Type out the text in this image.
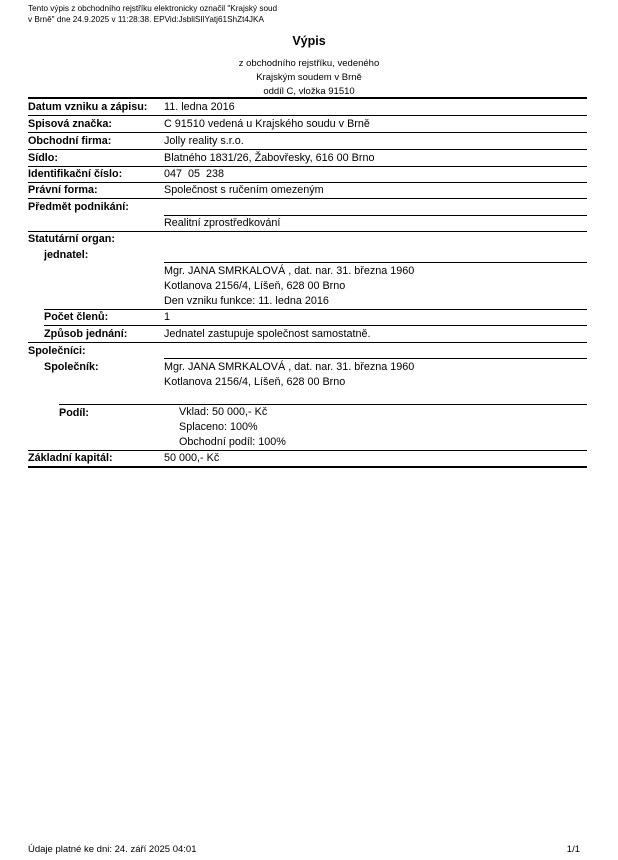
Tento výpis z obchodního rejstříku elektronicky označil "Krajský soud
v Brně" dne 24.9.2025 v 11:28:38. EPVid:JsbliSIlYatj61ShZt4JKA
Výpis
z obchodního rejstříku, vedeného
Krajským soudem v Brně
oddíl C, vložka 91510
Datum vzniku a zápisu: 11. ledna 2016
Spisová značka:	C 91510 vedená u Krajského soudu v Brně
Obchodní firma:	Jolly reality s.r.o.
Sídlo:	Blatného 1831/26, Žabovřesky, 616 00 Brno
Identifikační číslo:	047  05  238
Právní forma:	Společnost s ručením omezeným
Předmět podnikání:
Realitní zprostředkování
Statutární organ:
jednatel:
Mgr. JANA SMRKALOVÁ , dat. nar. 31. března 1960
Kotlanova 2156/4, Líšeň, 628 00 Brno
Den vzniku funkce: 11. ledna 2016
Počet členů:	1
Způsob jednání:	Jednatel zastupuje společnost samostatně.
Společníci:
Společník:	Mgr. JANA SMRKALOVÁ , dat. nar. 31. března 1960
Kotlanova 2156/4, Líšeň, 628 00 Brno
Podíl:	Vklad: 50 000,- Kč
Splaceno: 100%
Obchodní podíl: 100%
Základní kapitál:	50 000,- Kč
Údaje platné ke dni: 24. září 2025 04:01	1/1
